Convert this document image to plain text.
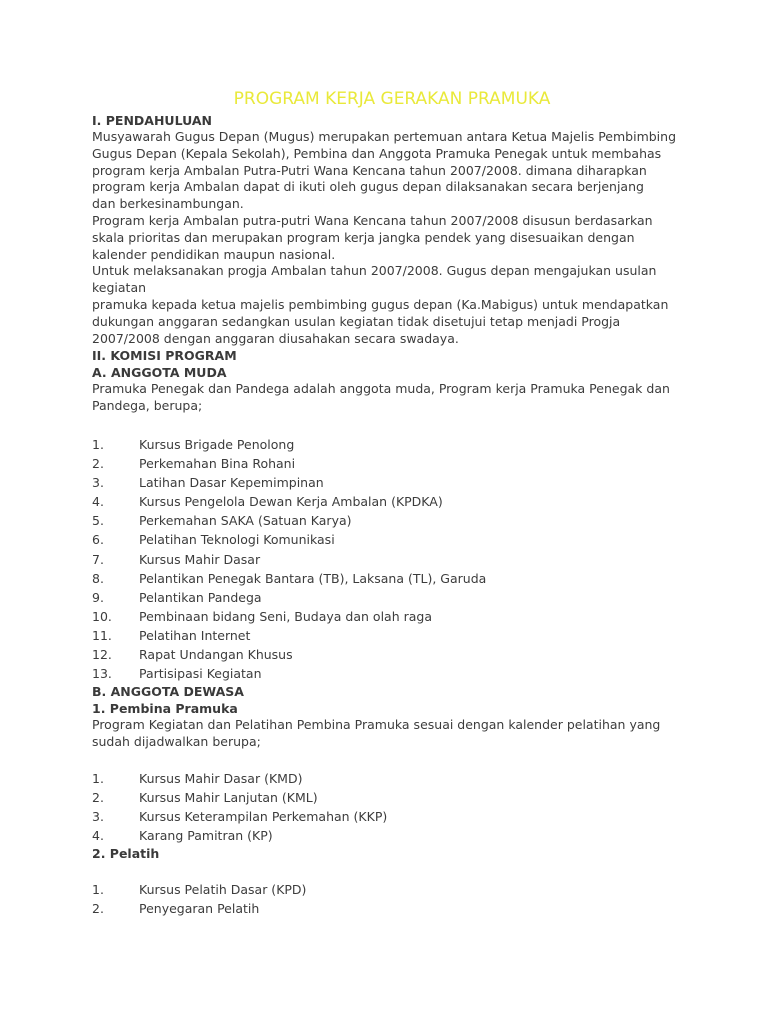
PROGRAM KERJA GERAKAN PRAMUKA
I. PENDAHULUAN
Musyawarah Gugus Depan (Mugus) merupakan pertemuan antara Ketua Majelis Pembimbing
Gugus Depan (Kepala Sekolah), Pembina dan Anggota Pramuka Penegak untuk membahas
program kerja Ambalan Putra-Putri Wana Kencana tahun 2007/2008. dimana diharapkan
program kerja Ambalan dapat di ikuti oleh gugus depan dilaksanakan secara berjenjang
dan berkesinambungan.
Program kerja Ambalan putra-putri Wana Kencana tahun 2007/2008 disusun berdasarkan
skala prioritas dan merupakan program kerja jangka pendek yang disesuaikan dengan
kalender pendidikan maupun nasional.
Untuk melaksanakan progja Ambalan tahun 2007/2008. Gugus depan mengajukan usulan
kegiatan
pramuka kepada ketua majelis pembimbing gugus depan (Ka.Mabigus) untuk mendapatkan
dukungan anggaran sedangkan usulan kegiatan tidak disetujui tetap menjadi Progja
2007/2008 dengan anggaran diusahakan secara swadaya.
II. KOMISI PROGRAM
A. ANGGOTA MUDA
Pramuka Penegak dan Pandega adalah anggota muda, Program kerja Pramuka Penegak dan
Pandega, berupa;
1.	Kursus Brigade Penolong
2.	Perkemahan Bina Rohani
3.	Latihan Dasar Kepemimpinan
4.	Kursus Pengelola Dewan Kerja Ambalan (KPDKA)
5.	Perkemahan SAKA (Satuan Karya)
6.	Pelatihan Teknologi Komunikasi
7.	Kursus Mahir Dasar
8.	Pelantikan Penegak Bantara (TB), Laksana (TL), Garuda
9.	Pelantikan Pandega
10. Pembinaan bidang Seni, Budaya dan olah raga
11. Pelatihan Internet
12. Rapat Undangan Khusus
13. Partisipasi Kegiatan
B. ANGGOTA DEWASA
1. Pembina Pramuka
Program Kegiatan dan Pelatihan Pembina Pramuka sesuai dengan kalender pelatihan yang
sudah dijadwalkan berupa;
1.	Kursus Mahir Dasar (KMD)
2.	Kursus Mahir Lanjutan (KML)
3.	Kursus Keterampilan Perkemahan (KKP)
4.	Karang Pamitran (KP)
2. Pelatih
1.	Kursus Pelatih Dasar (KPD)
2.	Penyegaran Pelatih
